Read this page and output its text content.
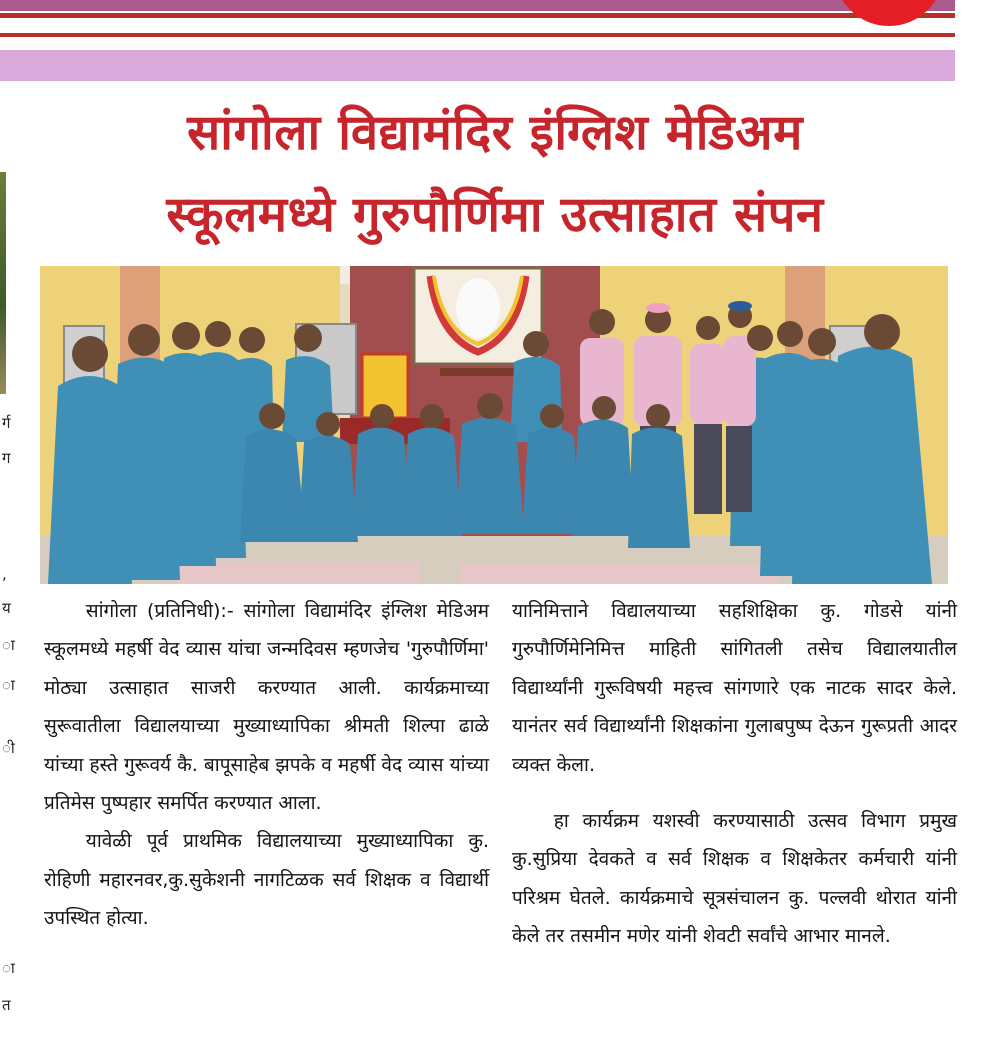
र्ग
ग
,
य
ा
ा
ी
ा
त
सांगोला विद्यामंदिर इंग्लिश मेडिअम
स्कूलमध्ये गुरुपौर्णिमा उत्साहात संपन

सांगोला (प्रतिनिधी):- सांगोला विद्यामंदिर इंग्लिश मेडिअम स्कूलमध्ये महर्षी वेद व्यास यांचा जन्मदिवस म्हणजेच 'गुरुपौर्णिमा' मोठ्या उत्साहात साजरी करण्यात आली. कार्यक्रमाच्या सुरूवातीला विद्यालयाच्या मुख्याध्यापिका श्रीमती शिल्पा ढाळे यांच्या हस्ते गुरूवर्य कै. बापूसाहेब झपके व महर्षी वेद व्यास यांच्या प्रतिमेस पुष्पहार समर्पित करण्यात आला.

यावेळी पूर्व प्राथमिक विद्यालयाच्या मुख्याध्यापिका कु. रोहिणी महारनवर,कु.सुकेशनी नागटिळक सर्व शिक्षक व विद्यार्थी उपस्थित होत्या.

यानिमित्ताने विद्यालयाच्या सहशिक्षिका कु. गोडसे यांनी गुरुपौर्णिमेनिमित्त माहिती सांगितली तसेच विद्यालयातील विद्यार्थ्यांनी गुरूविषयी महत्त्व सांगणारे एक नाटक सादर केले. यानंतर सर्व विद्यार्थ्यांनी शिक्षकांना गुलाबपुष्प देऊन गुरूप्रती आदर व्यक्त केला.

हा कार्यक्रम यशस्वी करण्यासाठी उत्सव विभाग प्रमुख कु.सुप्रिया देवकते व सर्व शिक्षक व शिक्षकेतर कर्मचारी यांनी परिश्रम घेतले. कार्यक्रमाचे सूत्रसंचालन कु. पल्लवी थोरात यांनी केले तर तसमीन मणेर यांनी शेवटी सर्वांचे आभार मानले.
